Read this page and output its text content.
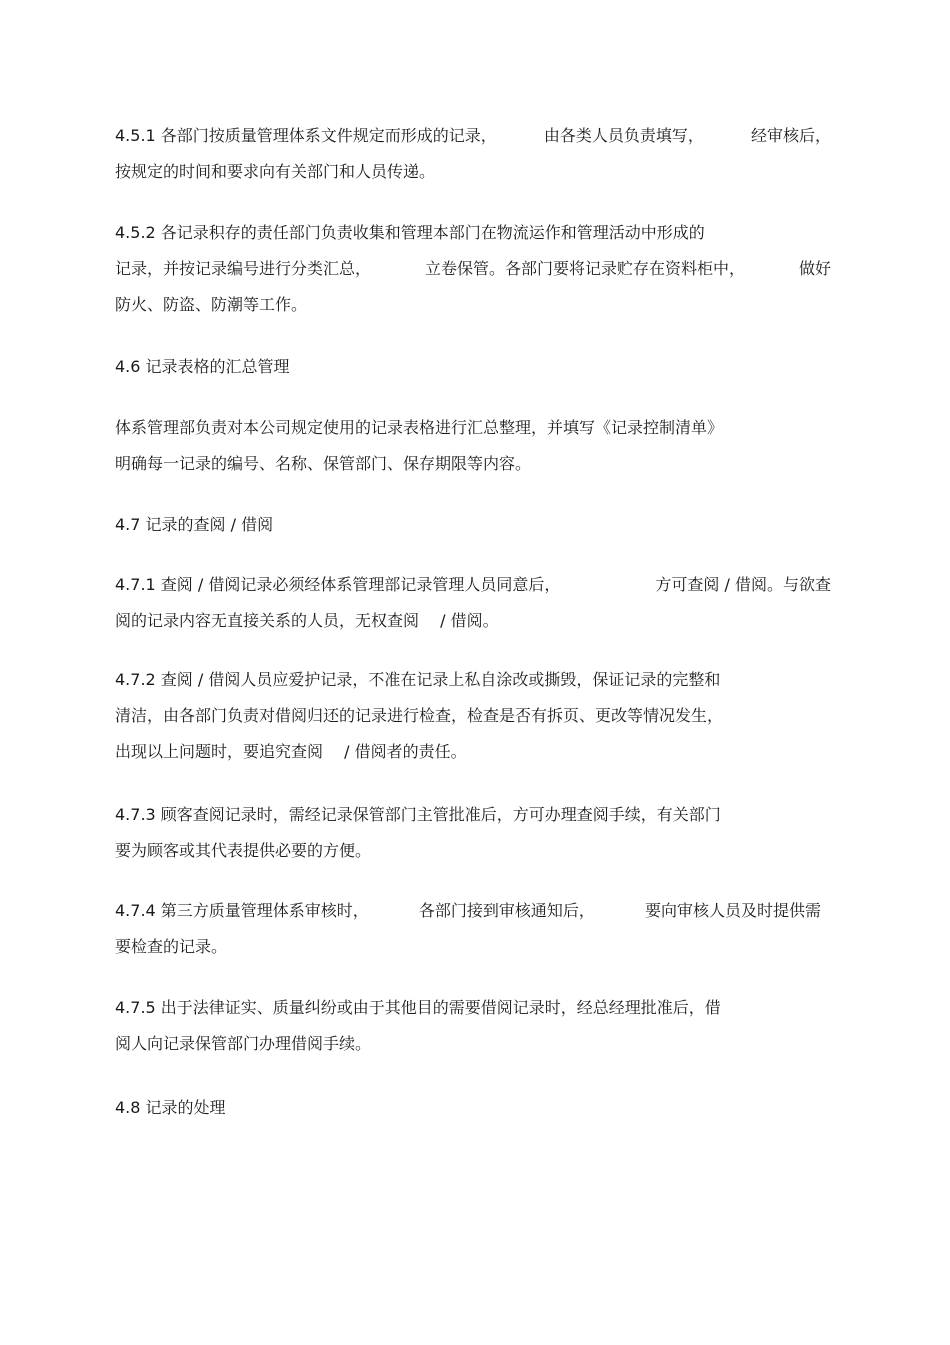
4.5.1 各部门按质量管理体系文件规定而形成的记录，	由各类人员负责填写，	经审核后，
按规定的时间和要求向有关部门和人员传递。
4.5.2 各记录积存的责任部门负责收集和管理本部门在物流运作和管理活动中形成的
记录，并按记录编号进行分类汇总，	立卷保管。各部门要将记录贮存在资料柜中，	做好
防火、防盗、防潮等工作。
4.6 记录表格的汇总管理
体系管理部负责对本公司规定使用的记录表格进行汇总整理，并填写《记录控制清单》
明确每一记录的编号、名称、保管部门、保存期限等内容。
4.7 记录的查阅 / 借阅
4.7.1 查阅 / 借阅记录必须经体系管理部记录管理人员同意后，	方可查阅 / 借阅。与欲查
阅的记录内容无直接关系的人员，无权查阅　 / 借阅。
4.7.2 查阅 / 借阅人员应爱护记录，不准在记录上私自涂改或撕毁，保证记录的完整和
清洁，由各部门负责对借阅归还的记录进行检查，检查是否有拆页、更改等情况发生，
出现以上问题时，要追究查阅　 / 借阅者的责任。
4.7.3 顾客查阅记录时，需经记录保管部门主管批准后，方可办理查阅手续，有关部门
要为顾客或其代表提供必要的方便。
4.7.4 第三方质量管理体系审核时，	各部门接到审核通知后，	要向审核人员及时提供需
要检查的记录。
4.7.5 出于法律证实、质量纠纷或由于其他目的需要借阅记录时，经总经理批准后，借
阅人向记录保管部门办理借阅手续。
4.8 记录的处理
